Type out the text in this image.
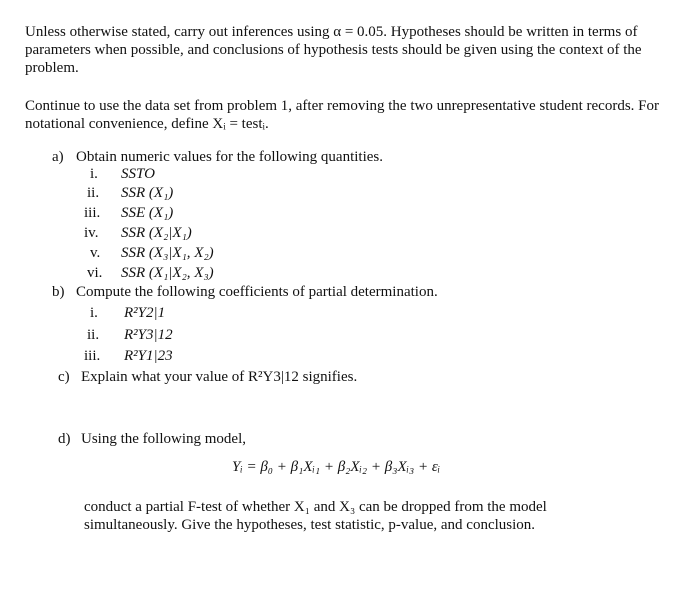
Unless otherwise stated, carry out inferences using α = 0.05. Hypotheses should be written in terms of parameters when possible, and conclusions of hypothesis tests should be given using the context of the problem.
Continue to use the data set from problem 1, after removing the two unrepresentative student records. For notational convenience, define Xᵢ = testᵢ.
a) Obtain numeric values for the following quantities.
i. SSTO
ii. SSR (X₁)
iii. SSE (X₁)
iv. SSR (X₂|X₁)
v. SSR (X₃|X₁, X₂)
vi. SSR (X₁|X₂, X₃)
b) Compute the following coefficients of partial determination.
i. R²Y2|1
ii. R²Y3|12
iii. R²Y1|23
c) Explain what your value of R²Y3|12 signifies.
d) Using the following model,
Yᵢ = β₀ + β₁Xᵢ₁ + β₂Xᵢ₂ + β₃Xᵢ₃ + εᵢ
conduct a partial F-test of whether X₁ and X₃ can be dropped from the model simultaneously. Give the hypotheses, test statistic, p-value, and conclusion.
